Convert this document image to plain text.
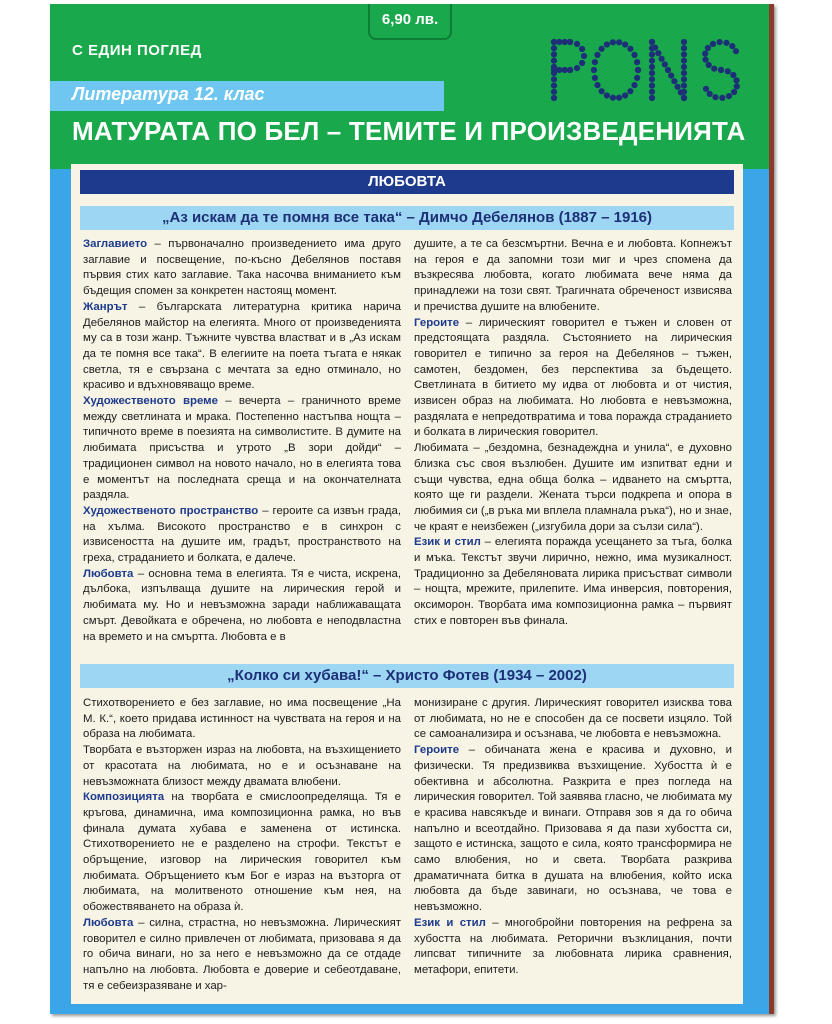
6,90 лв.
С ЕДИН ПОГЛЕД
Литература 12. клас
МАТУРАТА ПО БЕЛ – ТЕМИТЕ И ПРОИЗВЕДЕНИЯТА
ЛЮБОВТА
„Аз искам да те помня все така“ – Димчо Дебелянов (1887 – 1916)

Заглавието – първоначално произведението има друго заглавие и посвещение, по-късно Дебелянов поставя първия стих като заглавие. Така насочва вниманието към бъдещия спомен за конкретен настоящ момент.

Жанрът – българската литературна критика нарича Дебелянов майстор на елегията. Много от произведенията му са в този жанр. Тъжните чувства властват и в „Аз искам да те помня все така“. В елегиите на поета тъгата е някак светла, тя е свързана с мечтата за едно отминало, но красиво и вдъхновяващо време.

Художественото време – вечерта – граничното време между светлината и мрака. Постепенно настъпва нощта – типичното време в поезията на символистите. В думите на любимата присъства и утрото „В зори дойди“ – традиционен символ на новото начало, но в елегията това е моментът на последната среща и на окончателната раздяла.

Художественото пространство – героите са извън града, на хълма. Високото пространство е в синхрон с извисеността на душите им, градът, пространството на греха, страданието и болката, е далече.

Любовта – основна тема в елегията. Тя е чиста, искрена, дълбока, изпълваща душите на лирическия герой и любимата му. Но и невъзможна заради наближаващата смърт. Девойката е обречена, но любовта е неподвластна на времето и на смъртта. Любовта е в

душите, а те са безсмъртни. Вечна е и любовта. Копнежът на героя е да запомни този миг и чрез спомена да възкресява любовта, когато любимата вече няма да принадлежи на този свят. Трагичната обреченост извисява и пречиства душите на влюбените.

Героите – лирическият говорител е тъжен и словен от предстоящата раздяла. Състоянието на лирическия говорител е типично за героя на Дебелянов – тъжен, самотен, бездомен, без перспектива за бъдещето. Светлината в битието му идва от любовта и от чистия, извисен образ на любимата. Но любовта е невъзможна, раздялата е непредотвратима и това поражда страданието и болката в лирическия говорител.

Любимата – „бездомна, безнадеждна и унила“, е духовно близка със своя възлюбен. Душите им изпитват едни и същи чувства, една обща болка – идването на смъртта, която ще ги раздели. Жената търси подкрепа и опора в любимия си („в ръка ми вплела пламнала ръка“), но и знае, че краят е неизбежен („изгубила дори за сълзи сила“).

Език и стил – елегията поражда усещането за тъга, болка и мъка. Текстът звучи лирично, нежно, има музикалност. Традиционно за Дебеляновата лирика присъстват символи – нощта, мрежите, прилепите. Има инверсия, повторения, оксиморон. Творбата има композиционна рамка – първият стих е повторен във финала.

„Колко си хубава!“ – Христо Фотев (1934 – 2002)

Стихотворението е без заглавие, но има посвещение „На М. К.“, което придава истинност на чувствата на героя и на образа на любимата.

Творбата е възторжен израз на любовта, на възхищението от красотата на любимата, но е и осъзнаване на невъзможната близост между двамата влюбени.

Композицията на творбата е смислоопределяща. Тя е кръгова, динамична, има композиционна рамка, но във финала думата хубава е заменена от истинска. Стихотворението не е разделено на строфи. Текстът е обръщение, изговор на лирическия говорител към любимата. Обръщението към Бог е израз на възторга от любимата, на молитвеното отношение към нея, на обожествяването на образа ѝ.

Любовта – силна, страстна, но невъзможна. Лирическият говорител е силно привлечен от любимата, призовава я да го обича винаги, но за него е невъзможно да се отдаде напълно на любовта. Любовта е доверие и себеотдаване, тя е себеизразяване и хар-

монизиране с другия. Лирическият говорител изисква това от любимата, но не е способен да се посвети изцяло. Той се самоанализира и осъзнава, че любовта е невъзможна.

Героите – обичаната жена е красива и духовно, и физически. Тя предизвиква възхищение. Хубостта ѝ е обективна и абсолютна. Разкрита е през погледа на лирическия говорител. Той заявява гласно, че любимата му е красива навсякъде и винаги. Отправя зов я да го обича напълно и всеотдайно. Призовава я да пази хубостта си, защото е истинска, защото е сила, която трансформира не само влюбения, но и света. Творбата разкрива драматичната битка в душата на влюбения, който иска любовта да бъде завинаги, но осъзнава, че това е невъзможно.

Език и стил – многобройни повторения на рефрена за хубостта на любимата. Реторични възклицания, почти липсват типичните за любовната лирика сравнения, метафори, епитети.
